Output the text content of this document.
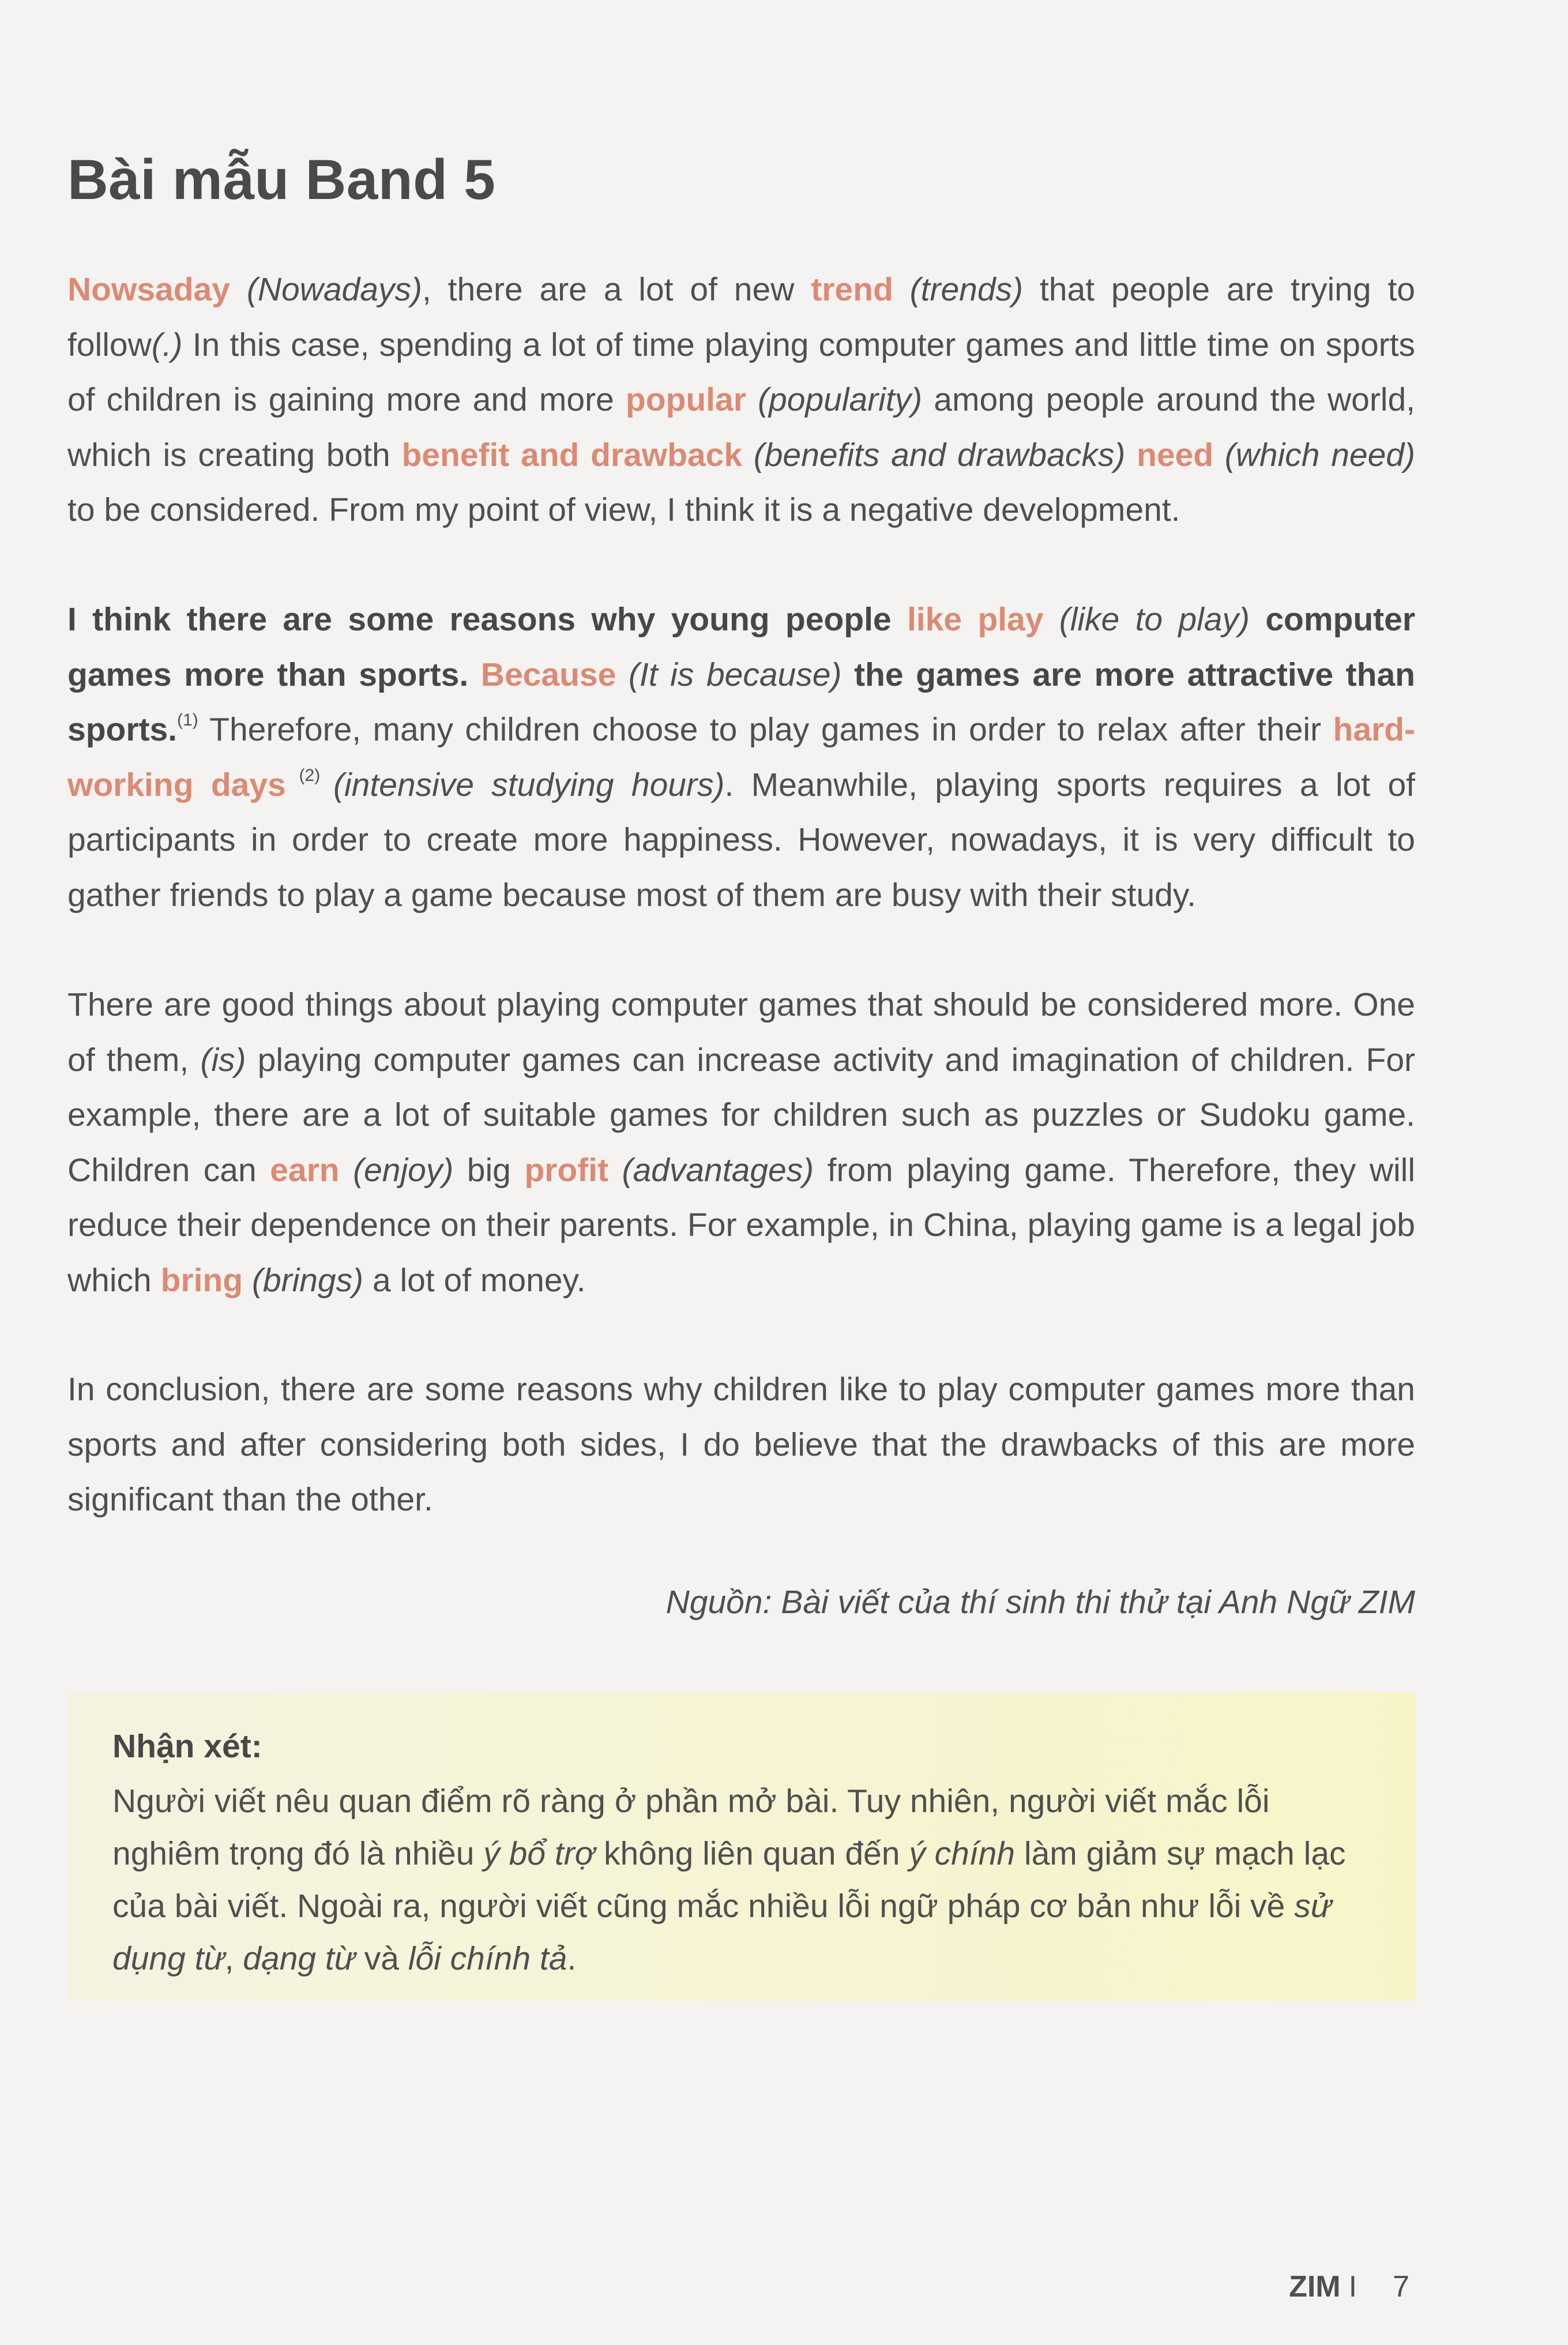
Bài mẫu Band 5

Nowsaday (Nowadays), there are a lot of new trend (trends) that people are trying to follow(.) In this case, spending a lot of time playing computer games and little time on sports of children is gaining more and more popular (popularity) among people around the world, which is creating both benefit and drawback (benefits and drawbacks) need (which need) to be considered. From my point of view, I think it is a negative development.

I think there are some reasons why young people like play (like to play) computer games more than sports. Because (It is because) the games are more attractive than sports.$^{(1)}$ Therefore, many children choose to play games in order to relax after their hard-working days $^{(2)}$ (intensive studying hours). Meanwhile, playing sports requires a lot of participants in order to create more happiness. However, nowadays, it is very difficult to gather friends to play a game because most of them are busy with their study.

There are good things about playing computer games that should be considered more. One of them, (is) playing computer games can increase activity and imagination of children. For example, there are a lot of suitable games for children such as puzzles or Sudoku game. Children can earn (enjoy) big profit (advantages) from playing game. Therefore, they will reduce their dependence on their parents. For example, in China, playing game is a legal job which bring (brings) a lot of money.

In conclusion, there are some reasons why children like to play computer games more than sports and after considering both sides, I do believe that the drawbacks of this are more significant than the other.

Nguồn: Bài viết của thí sinh thi thử tại Anh Ngữ ZIM

Nhận xét:

Người viết nêu quan điểm rõ ràng ở phần mở bài. Tuy nhiên, người viết mắc lỗi nghiêm trọng đó là nhiều ý bổ trợ không liên quan đến ý chính làm giảm sự mạch lạc của bài viết. Ngoài ra, người viết cũng mắc nhiều lỗi ngữ pháp cơ bản như lỗi về sử dụng từ, dạng từ và lỗi chính tả.

ZIM I 7
